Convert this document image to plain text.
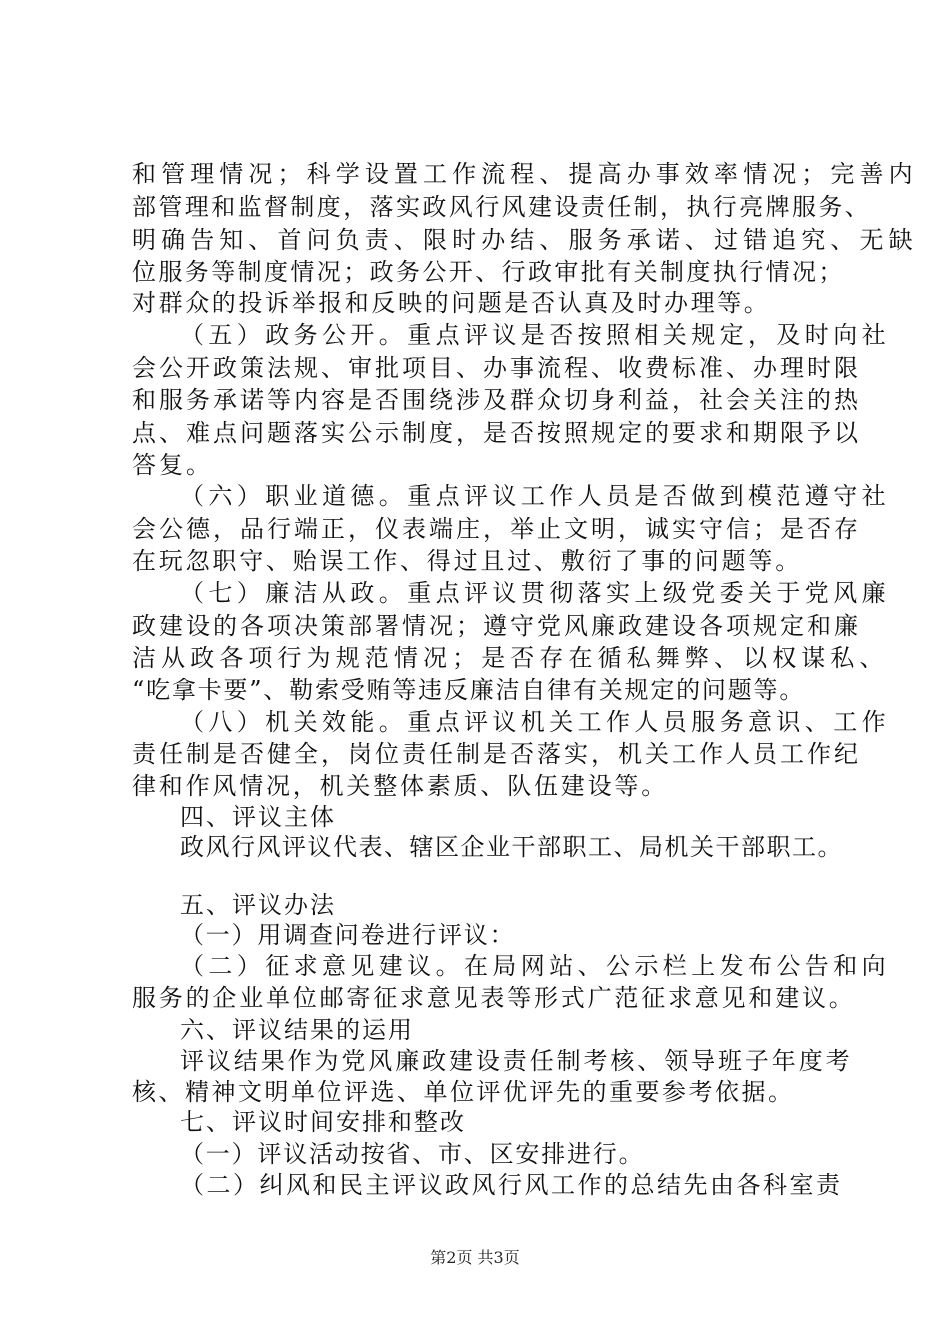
和管理情况；科学设置工作流程、提高办事效率情况；完善内

部管理和监督制度，落实政风行风建设责任制，执行亮牌服务、

明确告知、首问负责、限时办结、服务承诺、过错追究、无缺

位服务等制度情况；政务公开、行政审批有关制度执行情况；

对群众的投诉举报和反映的问题是否认真及时办理等。

（五）政务公开。重点评议是否按照相关规定，及时向社

会公开政策法规、审批项目、办事流程、收费标准、办理时限

和服务承诺等内容是否围绕涉及群众切身利益，社会关注的热

点、难点问题落实公示制度，是否按照规定的要求和期限予以

答复。

（六）职业道德。重点评议工作人员是否做到模范遵守社

会公德，品行端正，仪表端庄，举止文明，诚实守信；是否存

在玩忽职守、贻误工作、得过且过、敷衍了事的问题等。

（七）廉洁从政。重点评议贯彻落实上级党委关于党风廉

政建设的各项决策部署情况；遵守党风廉政建设各项规定和廉

洁从政各项行为规范情况；是否存在循私舞弊、以权谋私、

“吃拿卡要”、勒索受贿等违反廉洁自律有关规定的问题等。

（八）机关效能。重点评议机关工作人员服务意识、工作

责任制是否健全，岗位责任制是否落实，机关工作人员工作纪

律和作风情况，机关整体素质、队伍建设等。

四、评议主体

政风行风评议代表、辖区企业干部职工、局机关干部职工。

五、评议办法

（一）用调查问卷进行评议：

（二）征求意见建议。在局网站、公示栏上发布公告和向

服务的企业单位邮寄征求意见表等形式广范征求意见和建议。

六、评议结果的运用

评议结果作为党风廉政建设责任制考核、领导班子年度考

核、精神文明单位评选、单位评优评先的重要参考依据。

七、评议时间安排和整改

（一）评议活动按省、市、区安排进行。

（二）纠风和民主评议政风行风工作的总结先由各科室责

第2页 共3页
